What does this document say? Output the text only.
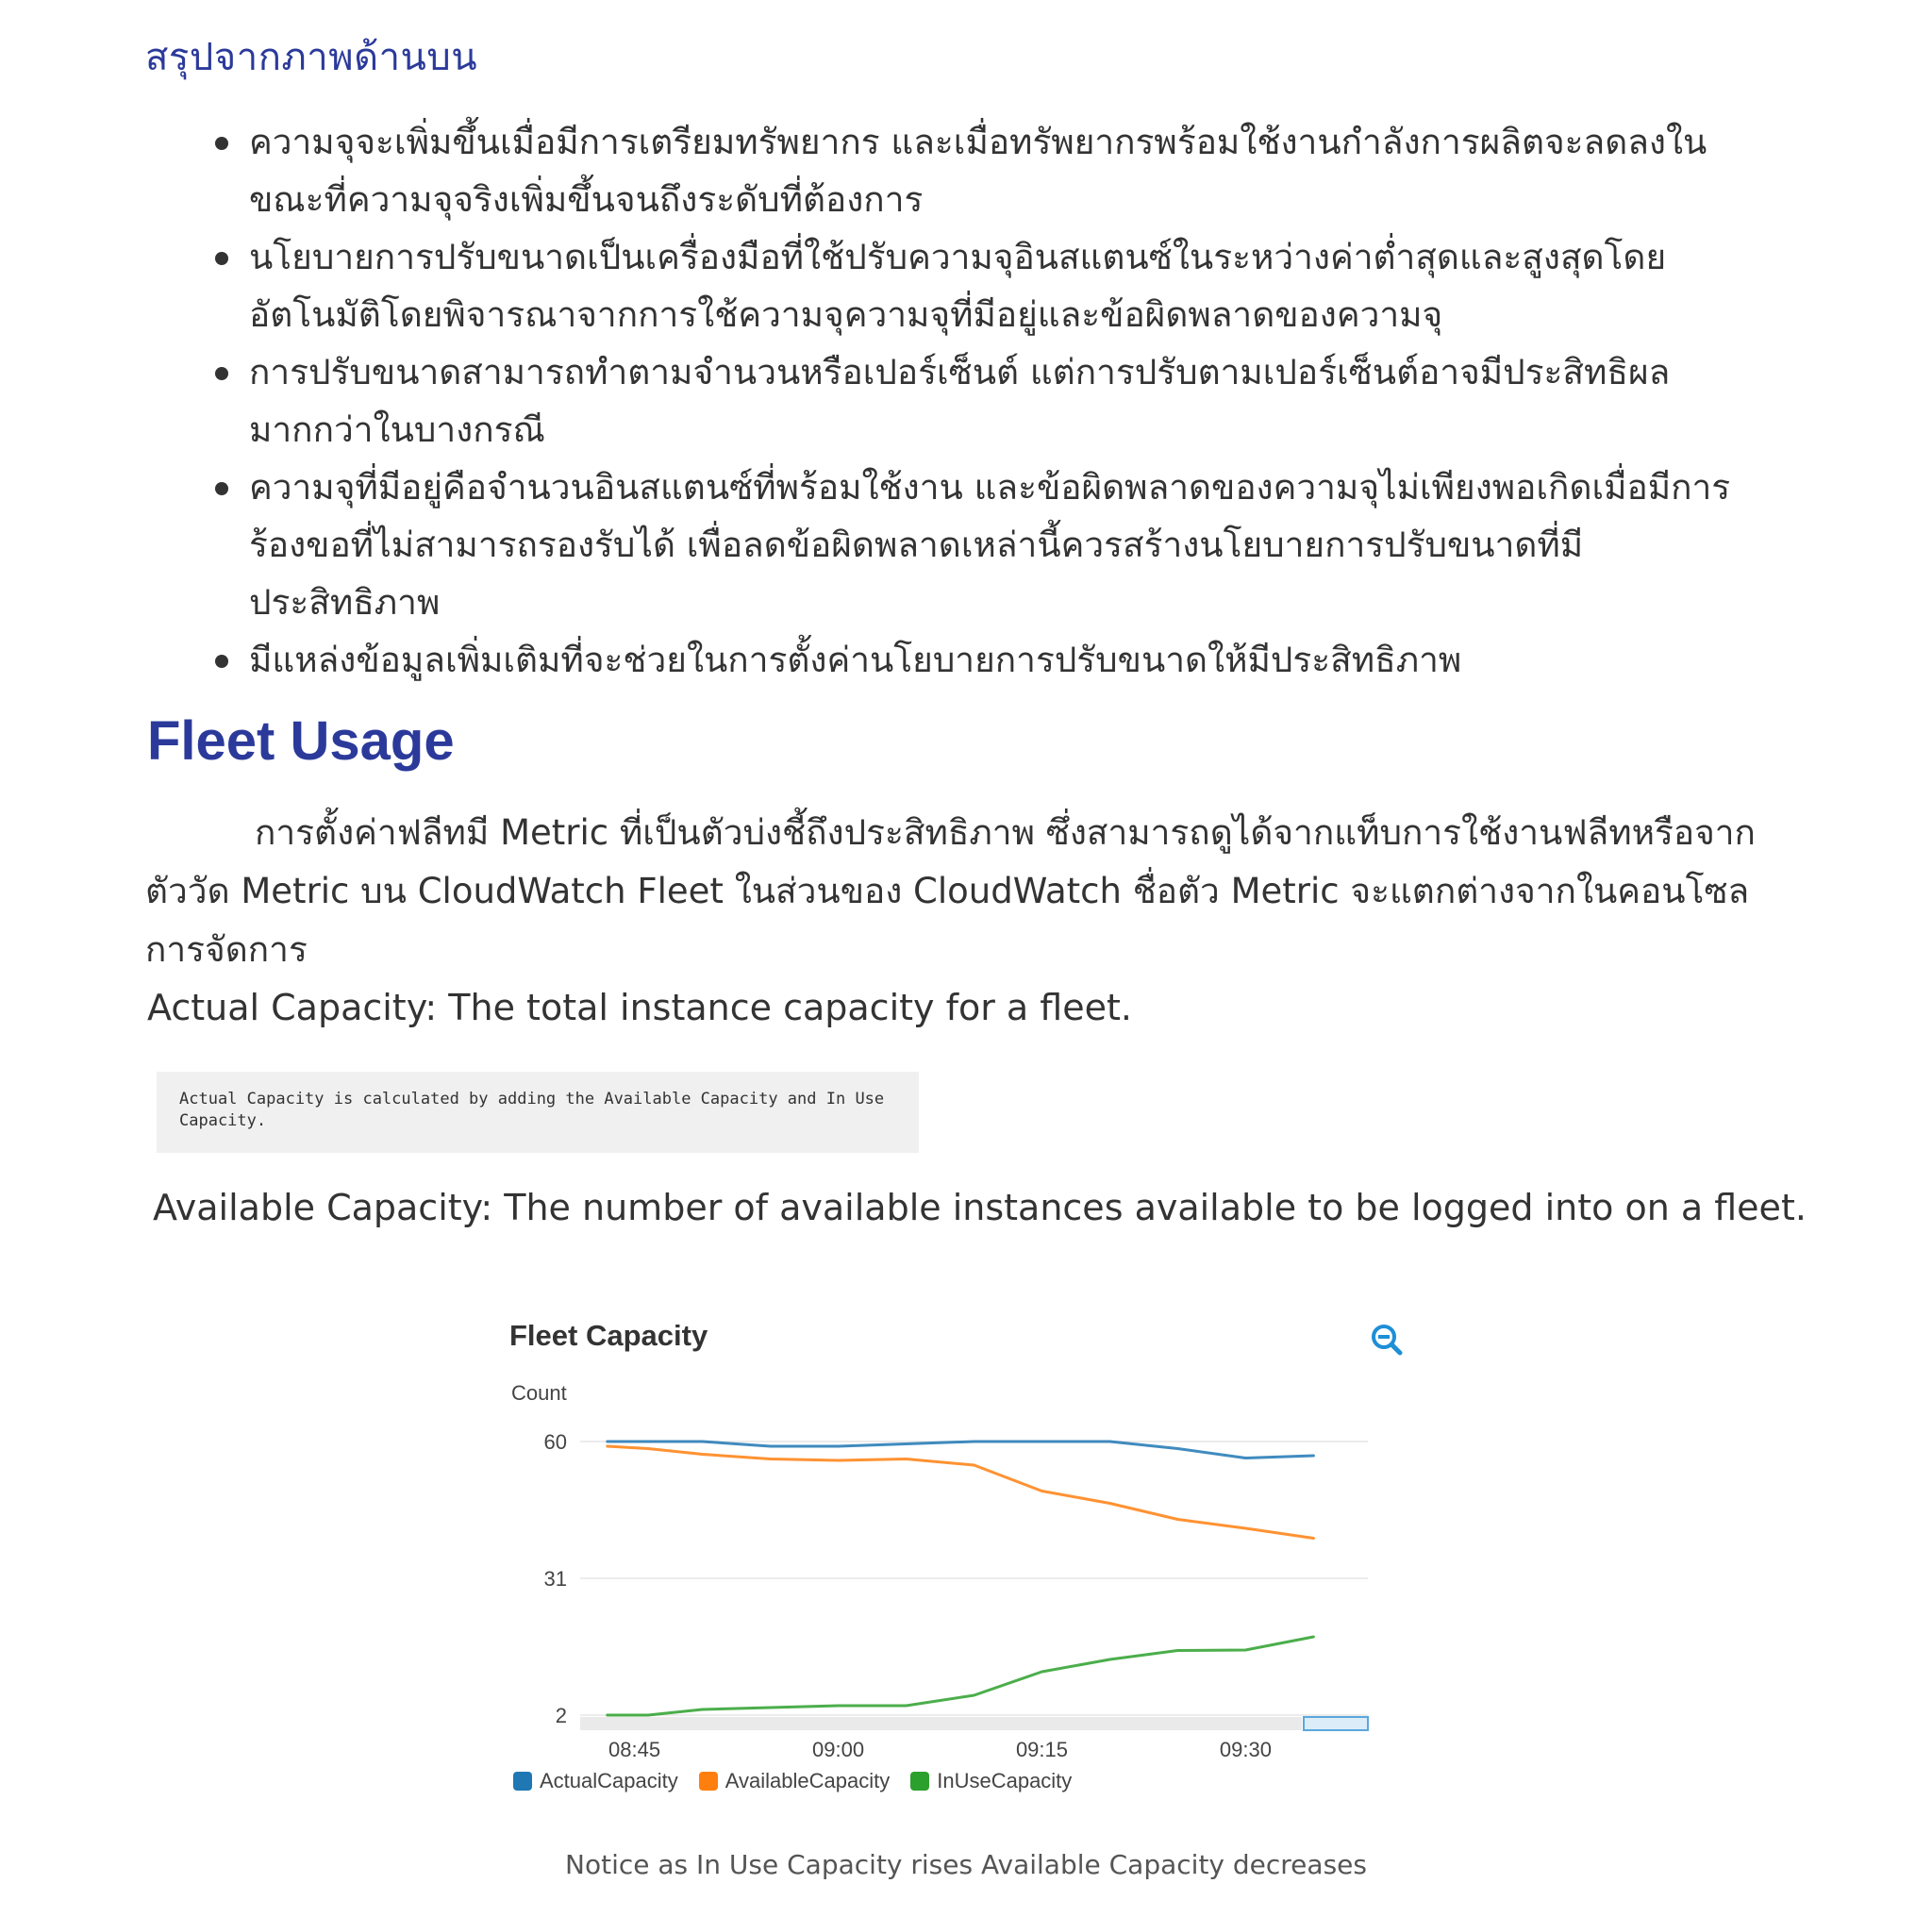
สรุปจากภาพด้านบน
ความจุจะเพิ่มขึ้นเมื่อมีการเตรียมทรัพยากร และเมื่อทรัพยากรพร้อมใช้งานกำลังการผลิตจะลดลงในขณะที่ความจุจริงเพิ่มขึ้นจนถึงระดับที่ต้องการ
นโยบายการปรับขนาดเป็นเครื่องมือที่ใช้ปรับความจุอินสแตนซ์ในระหว่างค่าต่ำสุดและสูงสุดโดยอัตโนมัติโดยพิจารณาจากการใช้ความจุความจุที่มีอยู่และข้อผิดพลาดของความจุ
การปรับขนาดสามารถทำตามจำนวนหรือเปอร์เซ็นต์ แต่การปรับตามเปอร์เซ็นต์อาจมีประสิทธิผลมากกว่าในบางกรณี
ความจุที่มีอยู่คือจำนวนอินสแตนซ์ที่พร้อมใช้งาน และข้อผิดพลาดของความจุไม่เพียงพอเกิดเมื่อมีการร้องขอที่ไม่สามารถรองรับได้ เพื่อลดข้อผิดพลาดเหล่านี้ควรสร้างนโยบายการปรับขนาดที่มีประสิทธิภาพ
มีแหล่งข้อมูลเพิ่มเติมที่จะช่วยในการตั้งค่านโยบายการปรับขนาดให้มีประสิทธิภาพ
Fleet Usage

การตั้งค่าฟลีทมี Metric ที่เป็นตัวบ่งชี้ถึงประสิทธิภาพ ซึ่งสามารถดูได้จากแท็บการใช้งานฟลีทหรือจากตัววัด Metric บน CloudWatch Fleet ในส่วนของ CloudWatch ชื่อตัว Metric จะแตกต่างจากในคอนโซลการจัดการ

Actual Capacity: The total instance capacity for a fleet.
Actual Capacity is calculated by adding the Available Capacity and In Use Capacity.
Available Capacity: The number of available instances available to be logged into on a fleet.
2
31
60
08:45	09:00	09:15	09:30
Fleet Capacity
Count
ActualCapacity AvailableCapacity InUseCapacity
Notice as In Use Capacity rises Available Capacity decreases
